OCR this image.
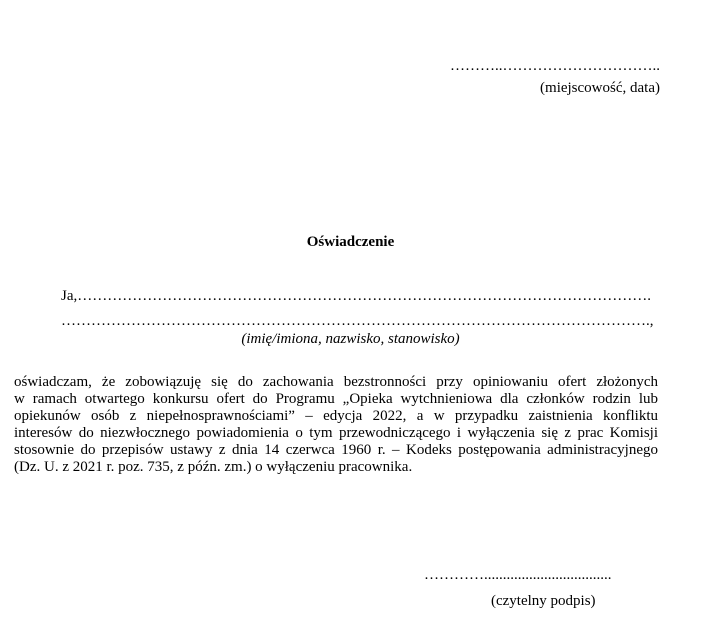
………..…………………………..
(miejscowość, data)
Oświadczenie
Ja,…………………………………………………………………………………………………….
……………………………………………………………………………………………………….,
(imię/imiona, nazwisko, stanowisko)
oświadczam, że zobowiązuję się do zachowania bezstronności przy opiniowaniu ofert złożonych
w ramach otwartego konkursu ofert do Programu „Opieka wytchnieniowa dla członków rodzin lub
opiekunów osób z niepełnosprawnościami” – edycja 2022, a w przypadku zaistnienia konfliktu
interesów do niezwłocznego powiadomienia o tym przewodniczącego i wyłączenia się z prac Komisji
stosownie do przepisów ustawy z dnia 14 czerwca 1960 r. – Kodeks postępowania administracyjnego
(Dz. U. z 2021 r. poz. 735, z późn. zm.) o wyłączeniu pracownika.
…………..................................
(czytelny podpis)
